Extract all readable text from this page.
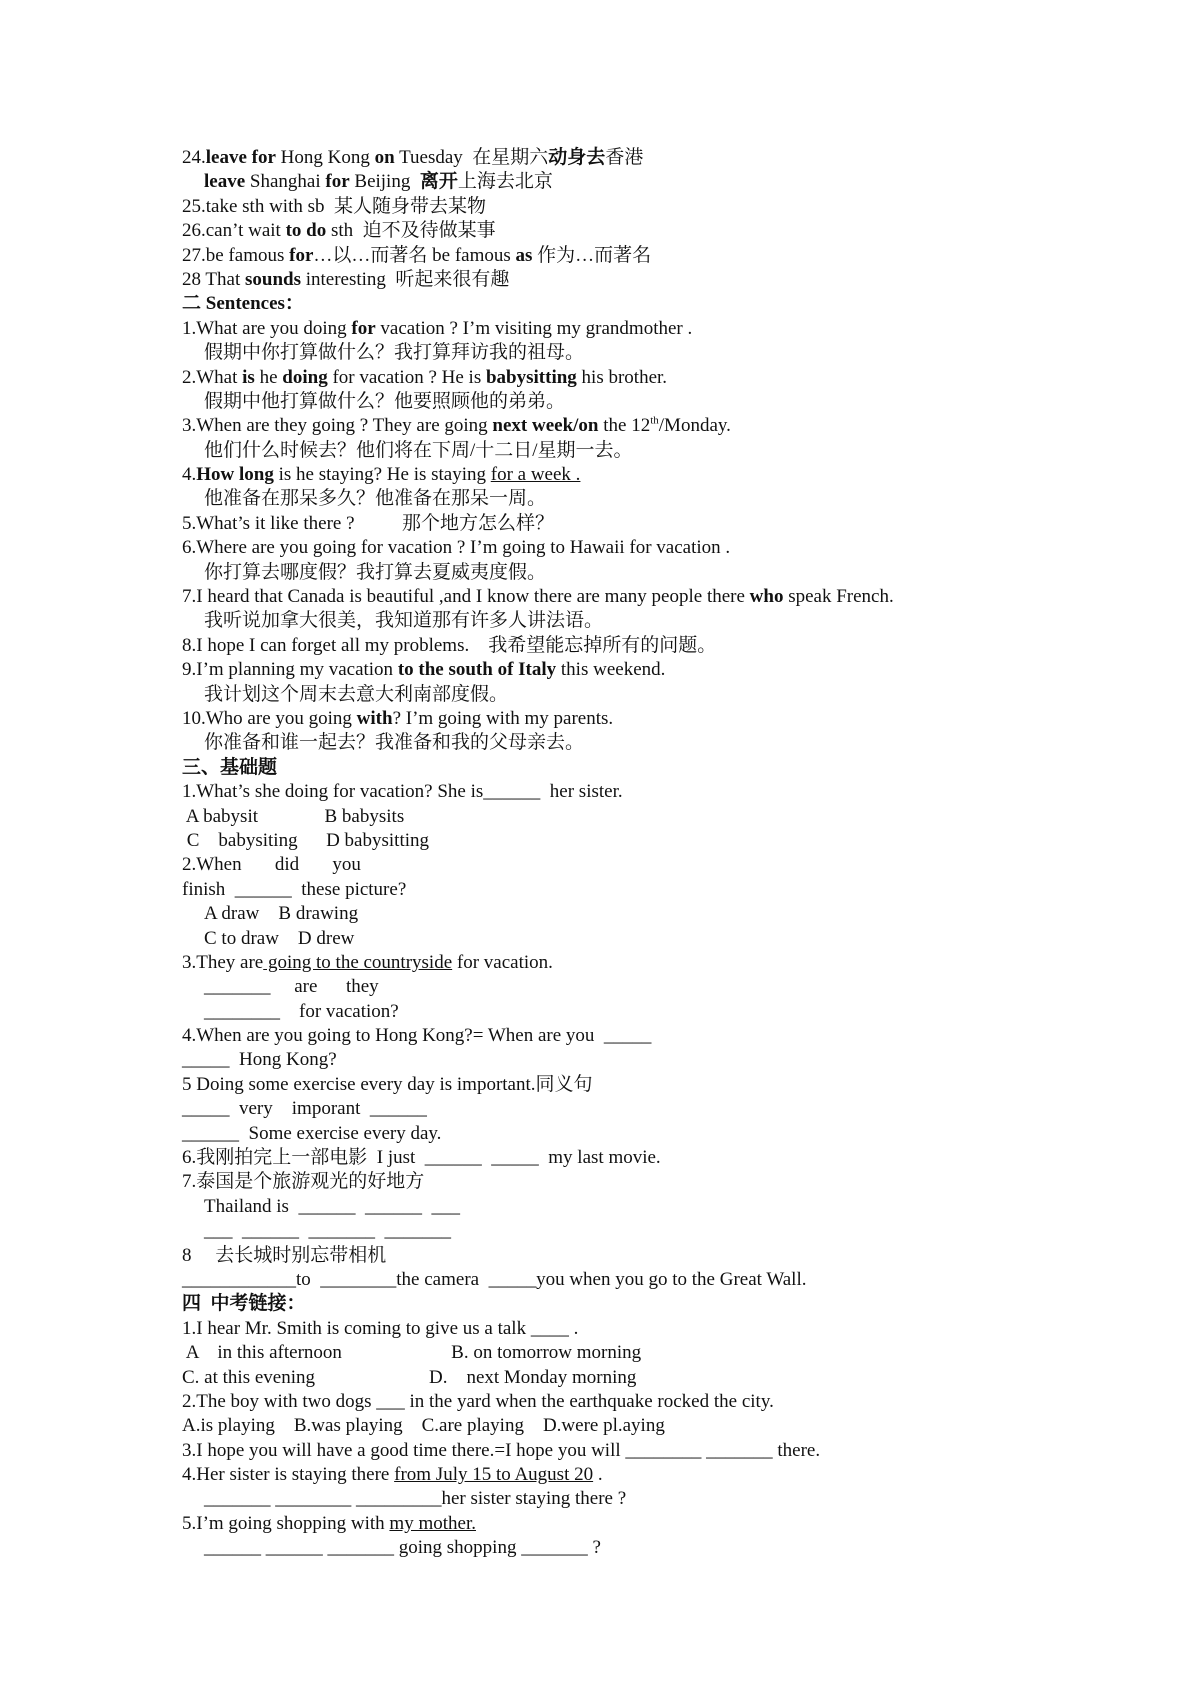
24.leave for Hong Kong on Tuesday  在星期六动身去香港
leave Shanghai for Beijing  离开上海去北京
25.take sth with sb  某人随身带去某物
26.can’t wait to do sth  迫不及待做某事
27.be famous for…以…而著名 be famous as 作为…而著名
28 That sounds interesting  听起来很有趣
二 Sentences：
1.What are you doing for vacation ? I’m visiting my grandmother .
假期中你打算做什么？我打算拜访我的祖母。
2.What is he doing for vacation ? He is babysitting his brother.
假期中他打算做什么？他要照顾他的弟弟。
3.When are they going ? They are going next week/on the 12th/Monday.
他们什么时候去？他们将在下周/十二日/星期一去。
4.How long is he staying? He is staying for a week .
他准备在那呆多久？他准备在那呆一周。
5.What’s it like there ?          那个地方怎么样？
6.Where are you going for vacation ? I’m going to Hawaii for vacation .
你打算去哪度假？我打算去夏威夷度假。
7.I heard that Canada is beautiful ,and I know there are many people there who speak French.
我听说加拿大很美，我知道那有许多人讲法语。
8.I hope I can forget all my problems.    我希望能忘掉所有的问题。
9.I’m planning my vacation to the south of Italy this weekend.
我计划这个周末去意大利南部度假。
10.Who are you going with? I’m going with my parents.
你准备和谁一起去？我准备和我的父母亲去。
三、基础题
1.What’s she doing for vacation? She is______  her sister.
A babysit              B babysits
C    babysiting      D babysitting
2.When       did       you
finish  ______  these picture?
A draw    B drawing
C to draw    D drew
3.They are going to the countryside for vacation.
_______     are      they
________    for vacation?
4.When are you going to Hong Kong?= When are you  _____
_____  Hong Kong?
5 Doing some exercise every day is important.同义句
_____  very    imporant  ______
______  Some exercise every day.
6.我刚拍完上一部电影  I just  ______  _____  my last movie.
7.泰国是个旅游观光的好地方
Thailand is  ______  ______  ___
___  ______  _______  _______
8     去长城时别忘带相机
____________to  ________the camera  _____you when you go to the Great Wall.
四  中考链接：
1.I hear Mr. Smith is coming to give us a talk ____ .
A    in this afternoon                       B. on tomorrow morning
C. at this evening                        D.    next Monday morning
2.The boy with two dogs ___ in the yard when the earthquake rocked the city.
A.is playing    B.was playing    C.are playing    D.were pl.aying
3.I hope you will have a good time there.=I hope you will ________ _______ there.
4.Her sister is staying there from July 15 to August 20 .
_______ ________ _________her sister staying there ?
5.I’m going shopping with my mother.
______ ______ _______ going shopping _______ ?
